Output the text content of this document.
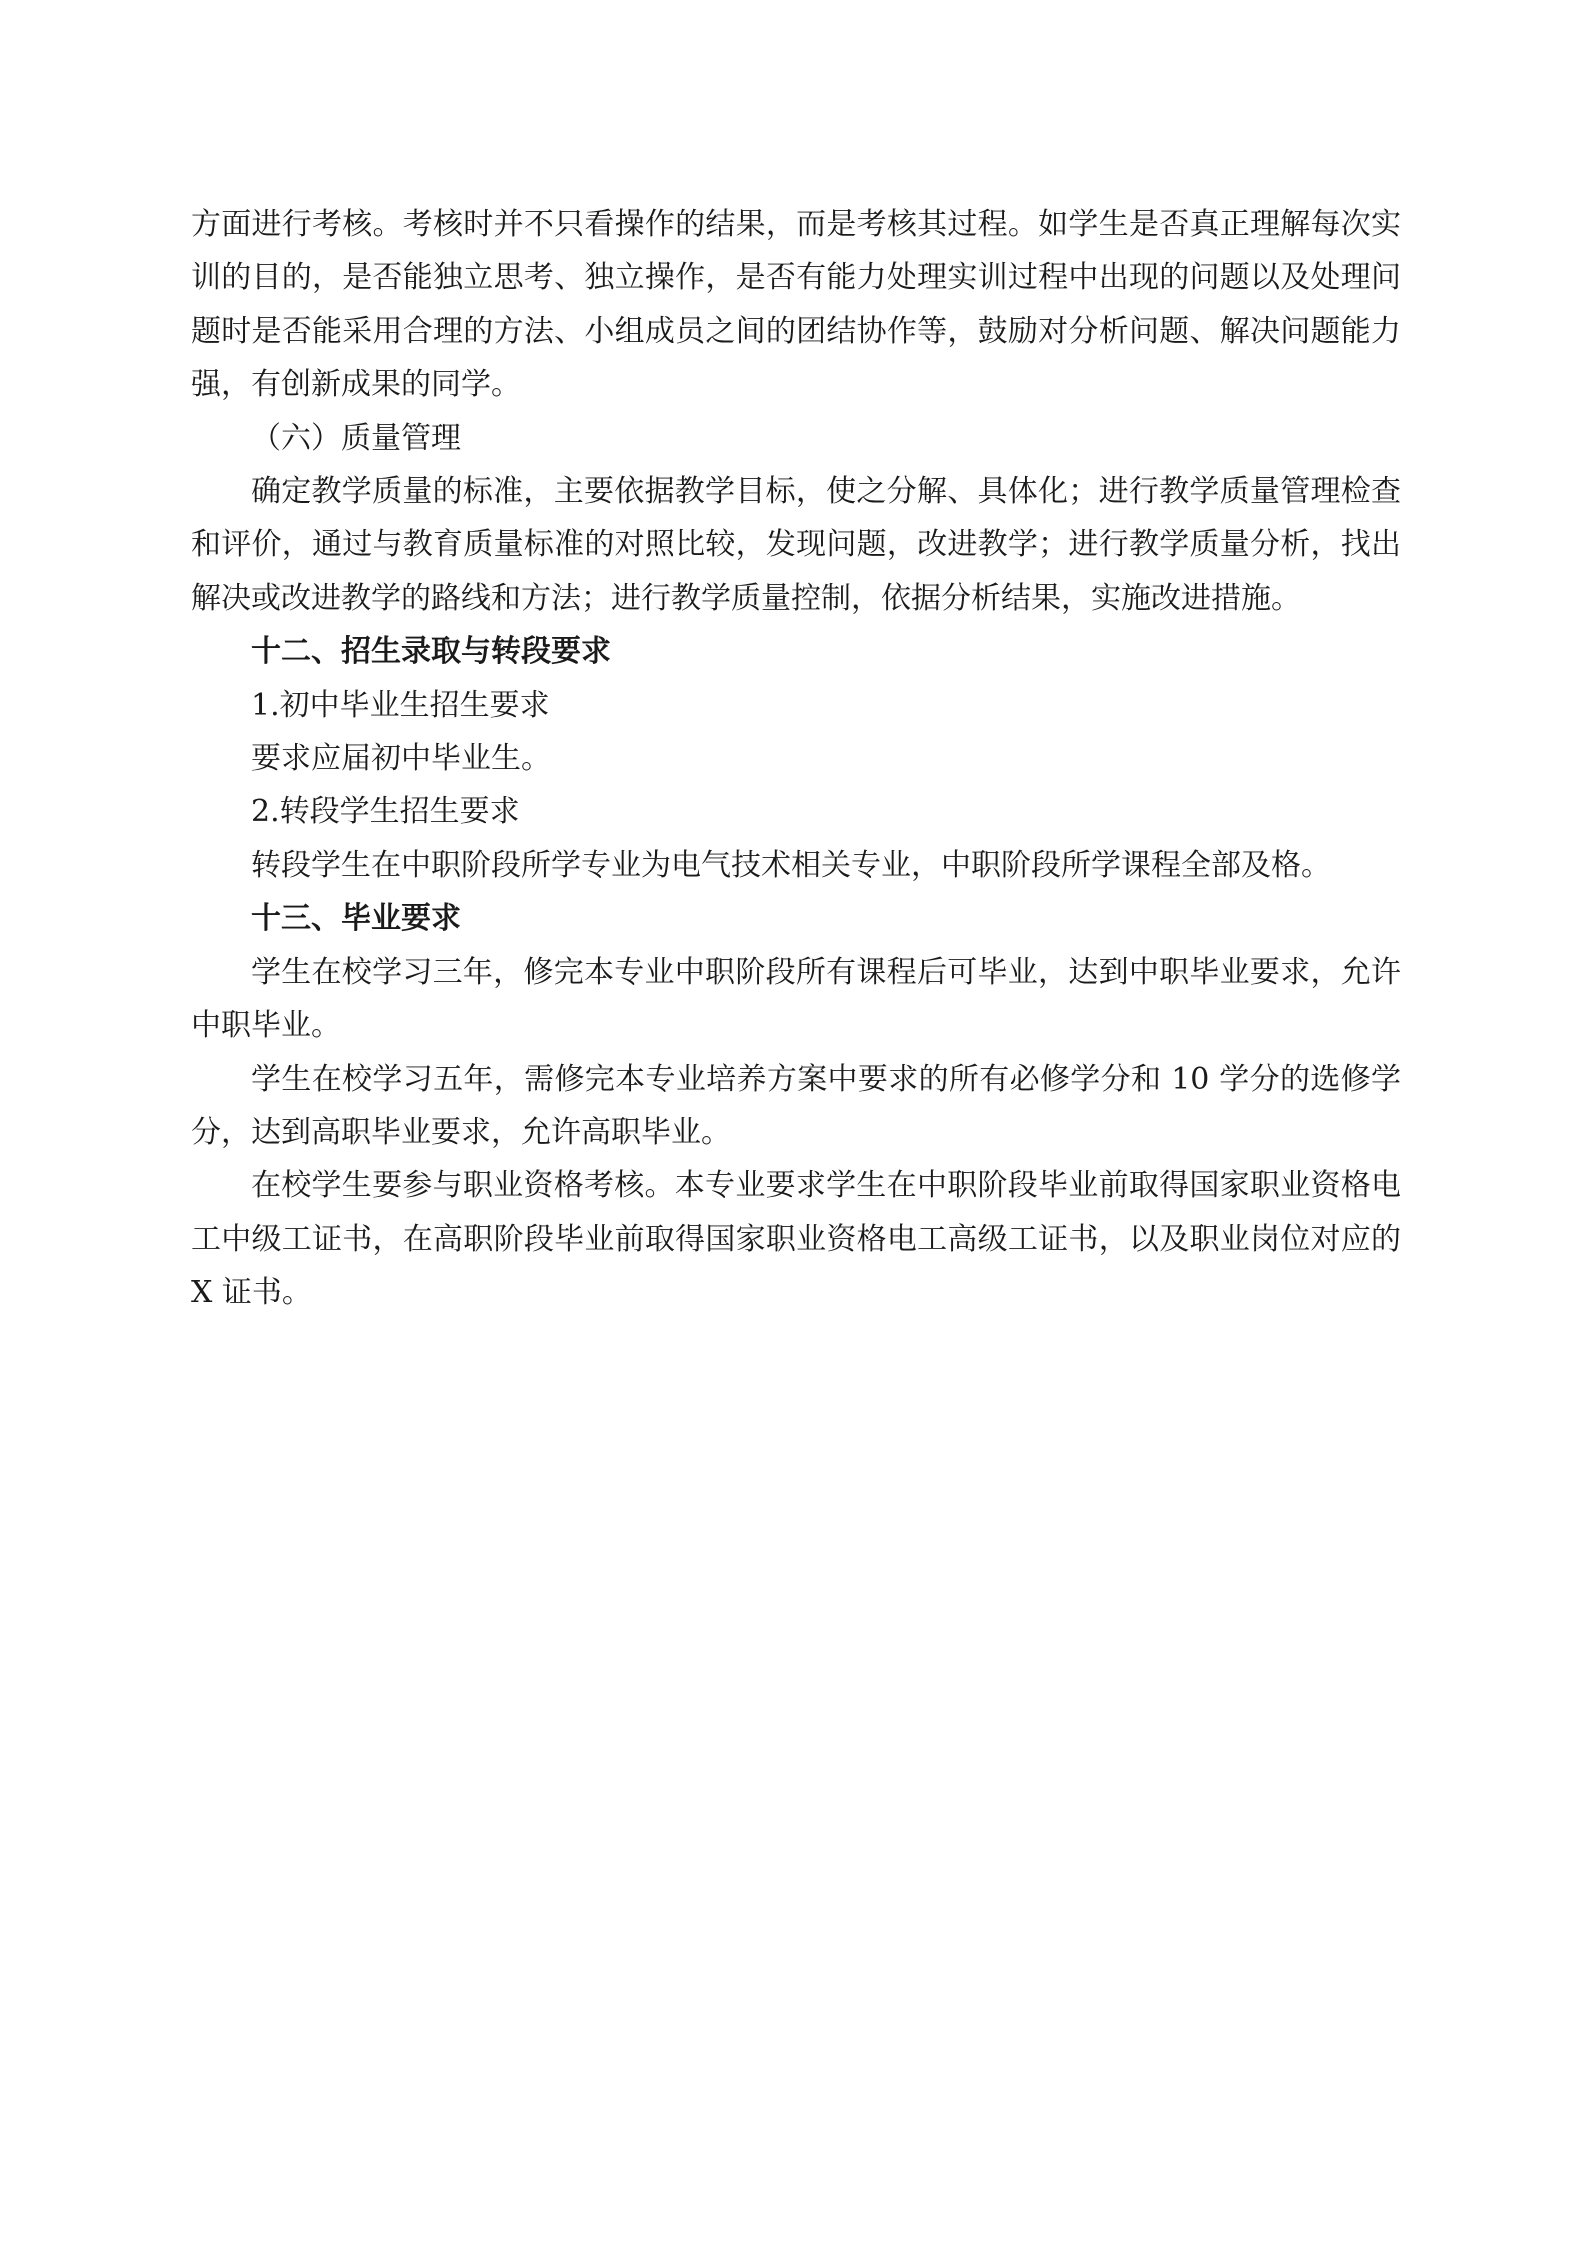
方面进行考核。考核时并不只看操作的结果，而是考核其过程。如学生是否真正理解每次实训的目的，是否能独立思考、独立操作，是否有能力处理实训过程中出现的问题以及处理问题时是否能采用合理的方法、小组成员之间的团结协作等，鼓励对分析问题、解决问题能力强，有创新成果的同学。

（六）质量管理

确定教学质量的标准，主要依据教学目标，使之分解、具体化；进行教学质量管理检查和评价，通过与教育质量标准的对照比较，发现问题，改进教学；进行教学质量分析，找出解决或改进教学的路线和方法；进行教学质量控制，依据分析结果，实施改进措施。

十二、招生录取与转段要求

1.初中毕业生招生要求

要求应届初中毕业生。

2.转段学生招生要求

转段学生在中职阶段所学专业为电气技术相关专业，中职阶段所学课程全部及格。

十三、毕业要求

学生在校学习三年，修完本专业中职阶段所有课程后可毕业，达到中职毕业要求，允许中职毕业。

学生在校学习五年，需修完本专业培养方案中要求的所有必修学分和 10 学分的选修学分，达到高职毕业要求，允许高职毕业。

在校学生要参与职业资格考核。本专业要求学生在中职阶段毕业前取得国家职业资格电工中级工证书，在高职阶段毕业前取得国家职业资格电工高级工证书，以及职业岗位对应的 X 证书。
